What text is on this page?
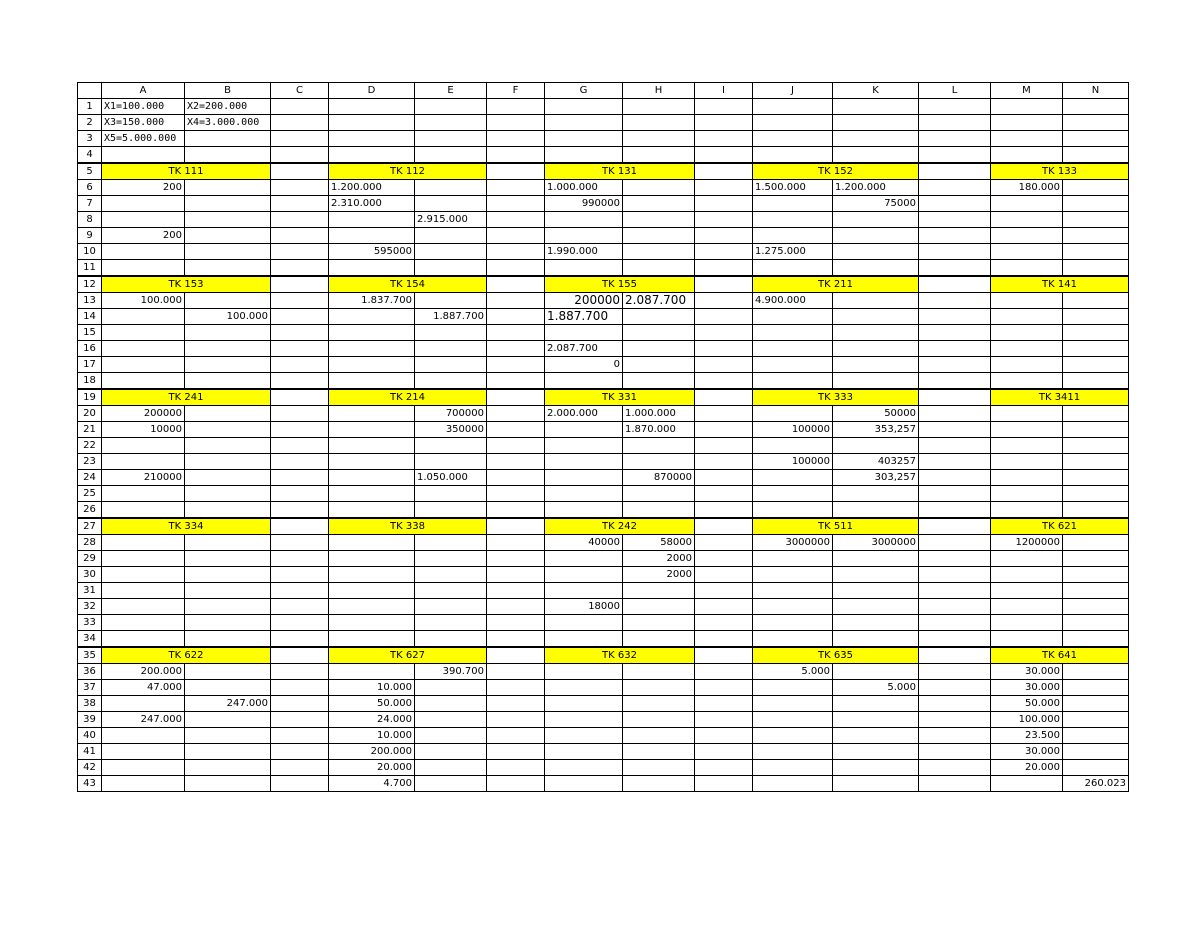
	A	B	C	D	E	F	G	H	I	J	K	L	M	N
1	X1=100.000	X2=200.000												
2	X3=150.000	X4=3.000.000												
3	X5=5.000.000													
4														
5	TK 111			TK 112			TK 131			TK 152			TK 133	
6	200			1.200.000			1.000.000			1.500.000	1.200.000		180.000	
7				2.310.000			990000				75000			
8					2.915.000									
9	200													
10				595000			1.990.000			1.275.000				
11														
12	TK 153			TK 154			TK 155			TK 211			TK 141	
13	100.000			1.837.700			200000	2.087.700		4.900.000				
14		100.000			1.887.700		1.887.700							
15														
16							2.087.700							
17							0							
18														
19	TK 241			TK 214			TK 331			TK 333			TK 3411	
20	200000				700000		2.000.000	1.000.000			50000			
21	10000				350000			1.870.000		100000	353,257			
22														
23										100000	403257			
24	210000				1.050.000			870000			303,257			
25														
26														
27	TK 334			TK 338			TK 242			TK 511			TK 621	
28							40000	58000		3000000	3000000		1200000	
29								2000						
30								2000						
31														
32							18000							
33														
34														
35	TK 622			TK 627			TK 632			TK 635			TK 641	
36	200.000				390.700					5.000			30.000	
37	47.000			10.000							5.000		30.000	
38		247.000		50.000									50.000	
39	247.000			24.000									100.000	
40				10.000									23.500	
41				200.000									30.000	
42				20.000									20.000	
43				4.700										260.023
